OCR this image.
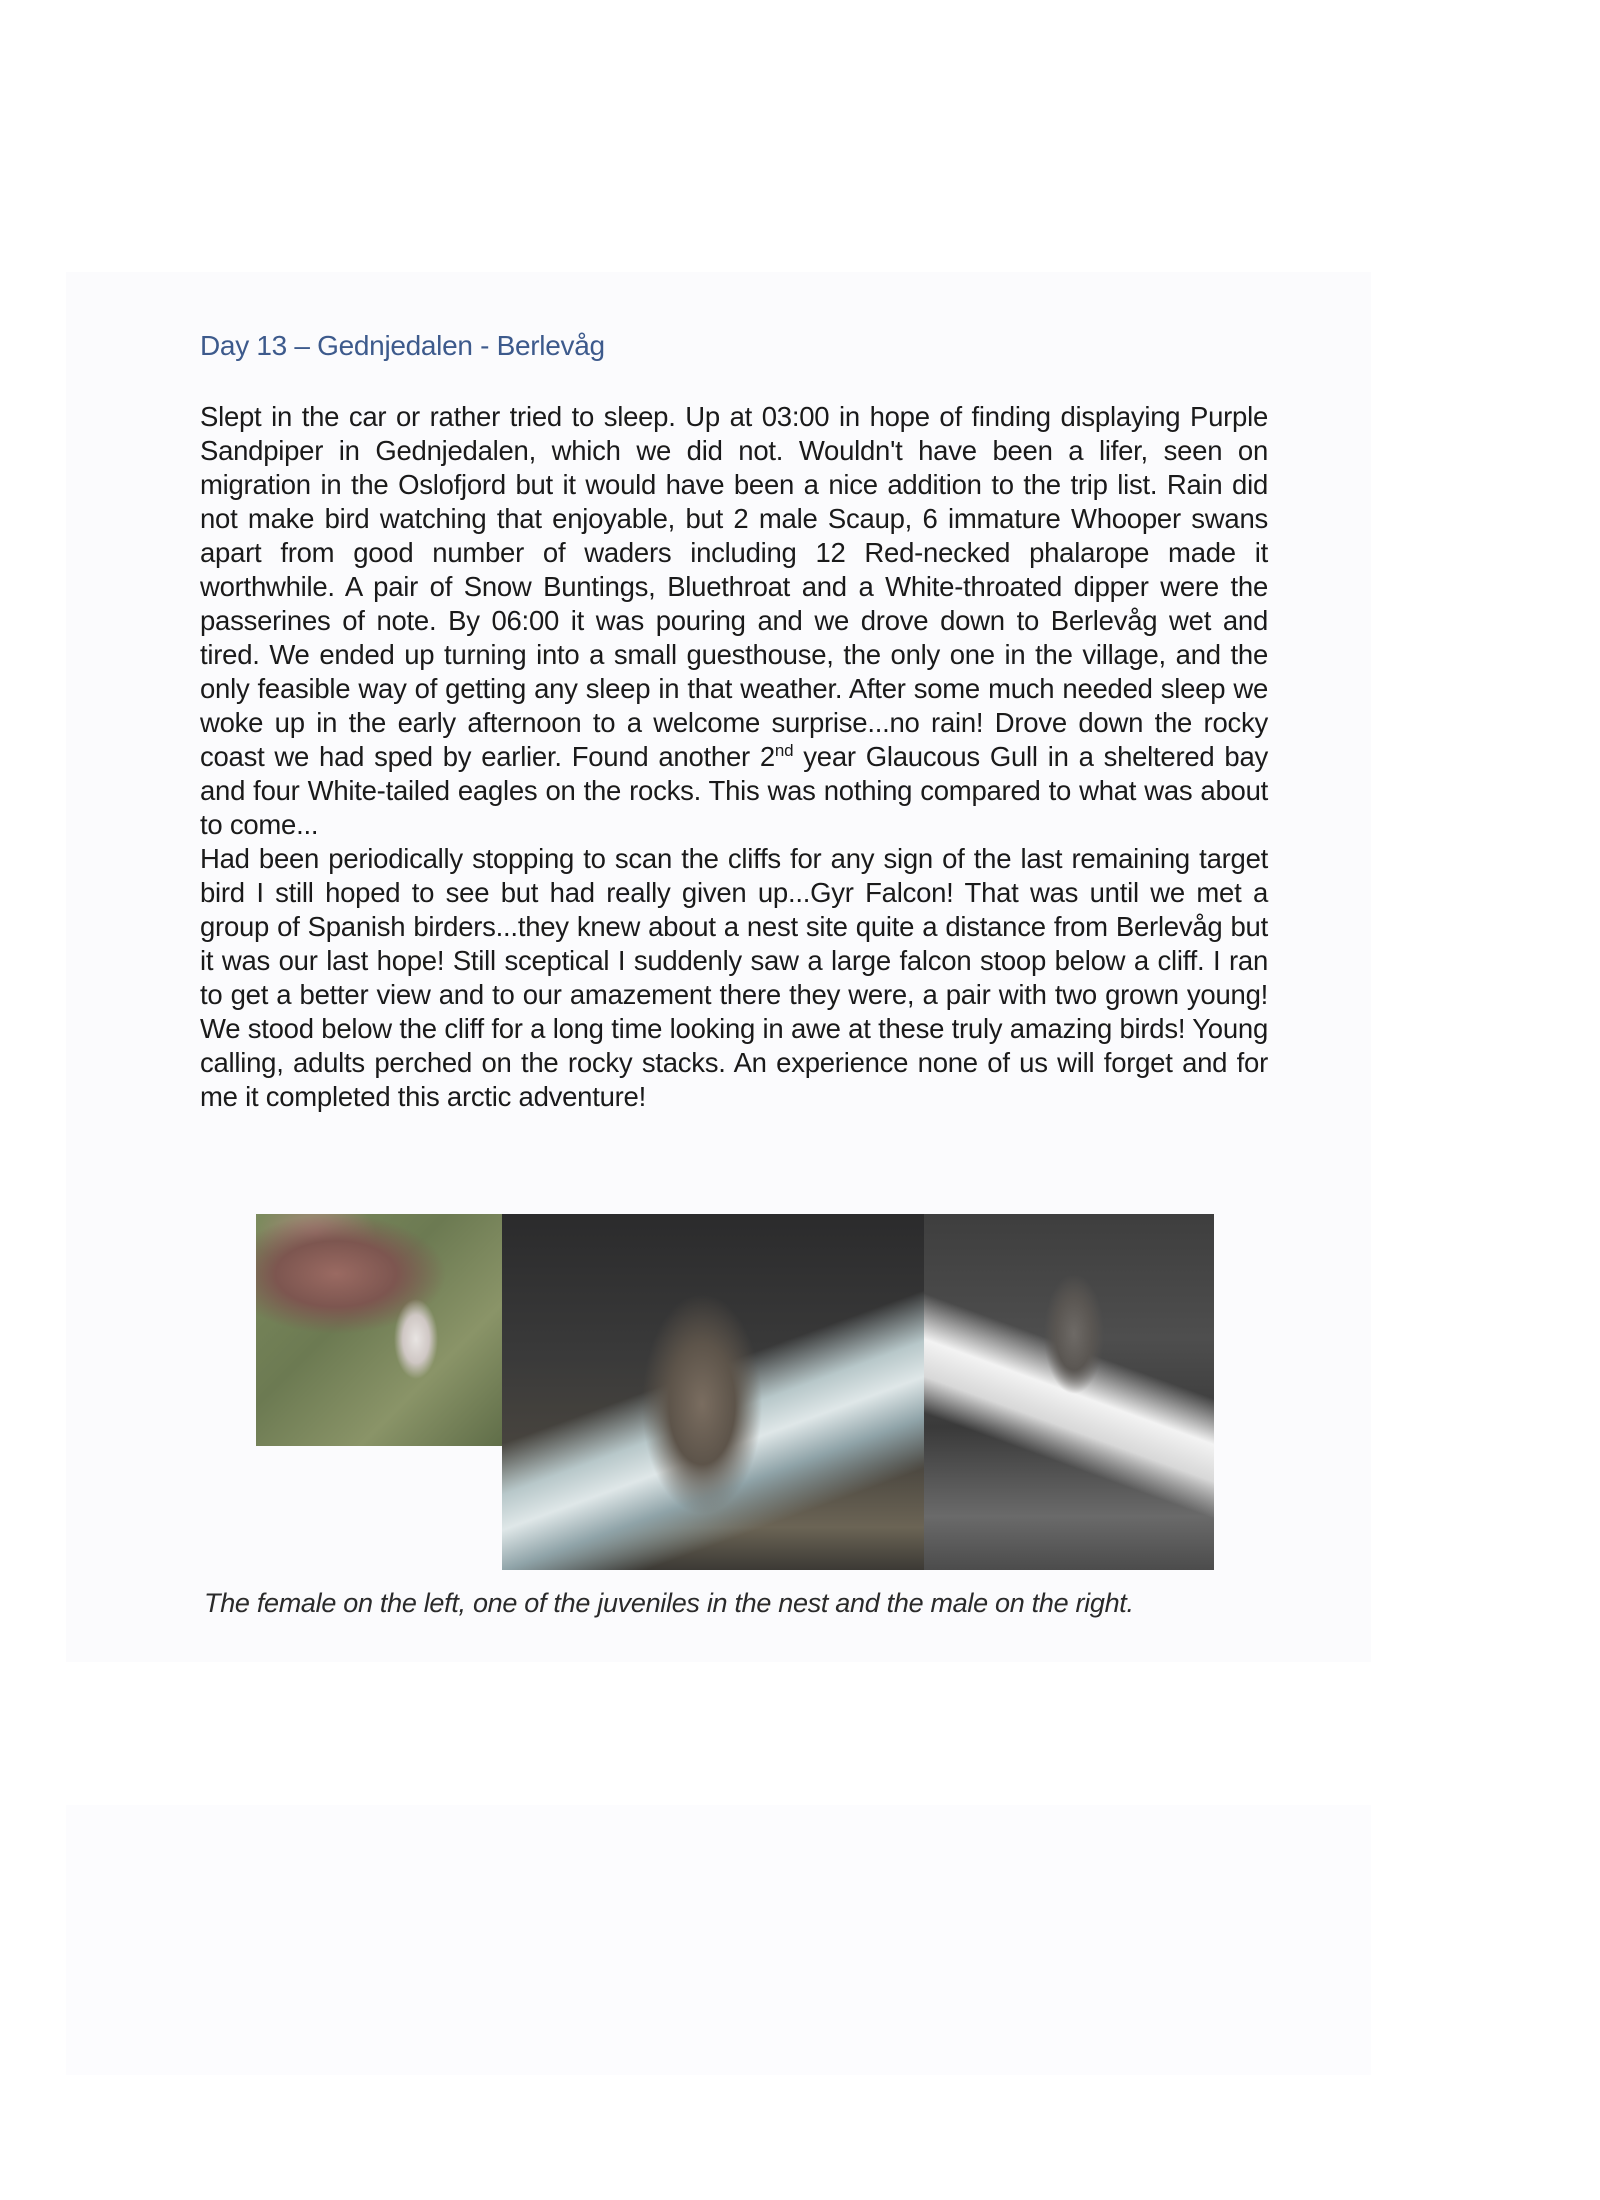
Day 13 – Gednjedalen - Berlevåg

Slept in the car or rather tried to sleep. Up at 03:00 in hope of finding displaying Purple Sandpiper in Gednjedalen, which we did not. Wouldn't have been a lifer, seen on migration in the Oslofjord but it would have been a nice addition to the trip list. Rain did not make bird watching that enjoyable, but 2 male Scaup, 6 immature Whooper swans apart from good number of waders including 12 Red-necked phalarope made it worthwhile. A pair of Snow Buntings, Bluethroat and a White-throated dipper were the passerines of note. By 06:00 it was pouring and we drove down to Berlevåg wet and tired. We ended up turning into a small guesthouse, the only one in the village, and the only feasible way of getting any sleep in that weather. After some much needed sleep we woke up in the early afternoon to a welcome surprise...no rain! Drove down the rocky coast we had sped by earlier. Found another 2nd year Glaucous Gull in a sheltered bay and four White-tailed eagles on the rocks. This was nothing compared to what was about to come...

Had been periodically stopping to scan the cliffs for any sign of the last remaining target bird I still hoped to see but had really given up...Gyr Falcon! That was until we met a group of Spanish birders...they knew about a nest site quite a distance from Berlevåg but it was our last hope! Still sceptical I suddenly saw a large falcon stoop below a cliff. I ran to get a better view and to our amazement there they were, a pair with two grown young! We stood below the cliff for a long time looking in awe at these truly amazing birds! Young calling, adults perched on the rocky stacks. An experience none of us will forget and for me it completed this arctic adventure!

The female on the left, one of the juveniles in the nest and the male on the right.
